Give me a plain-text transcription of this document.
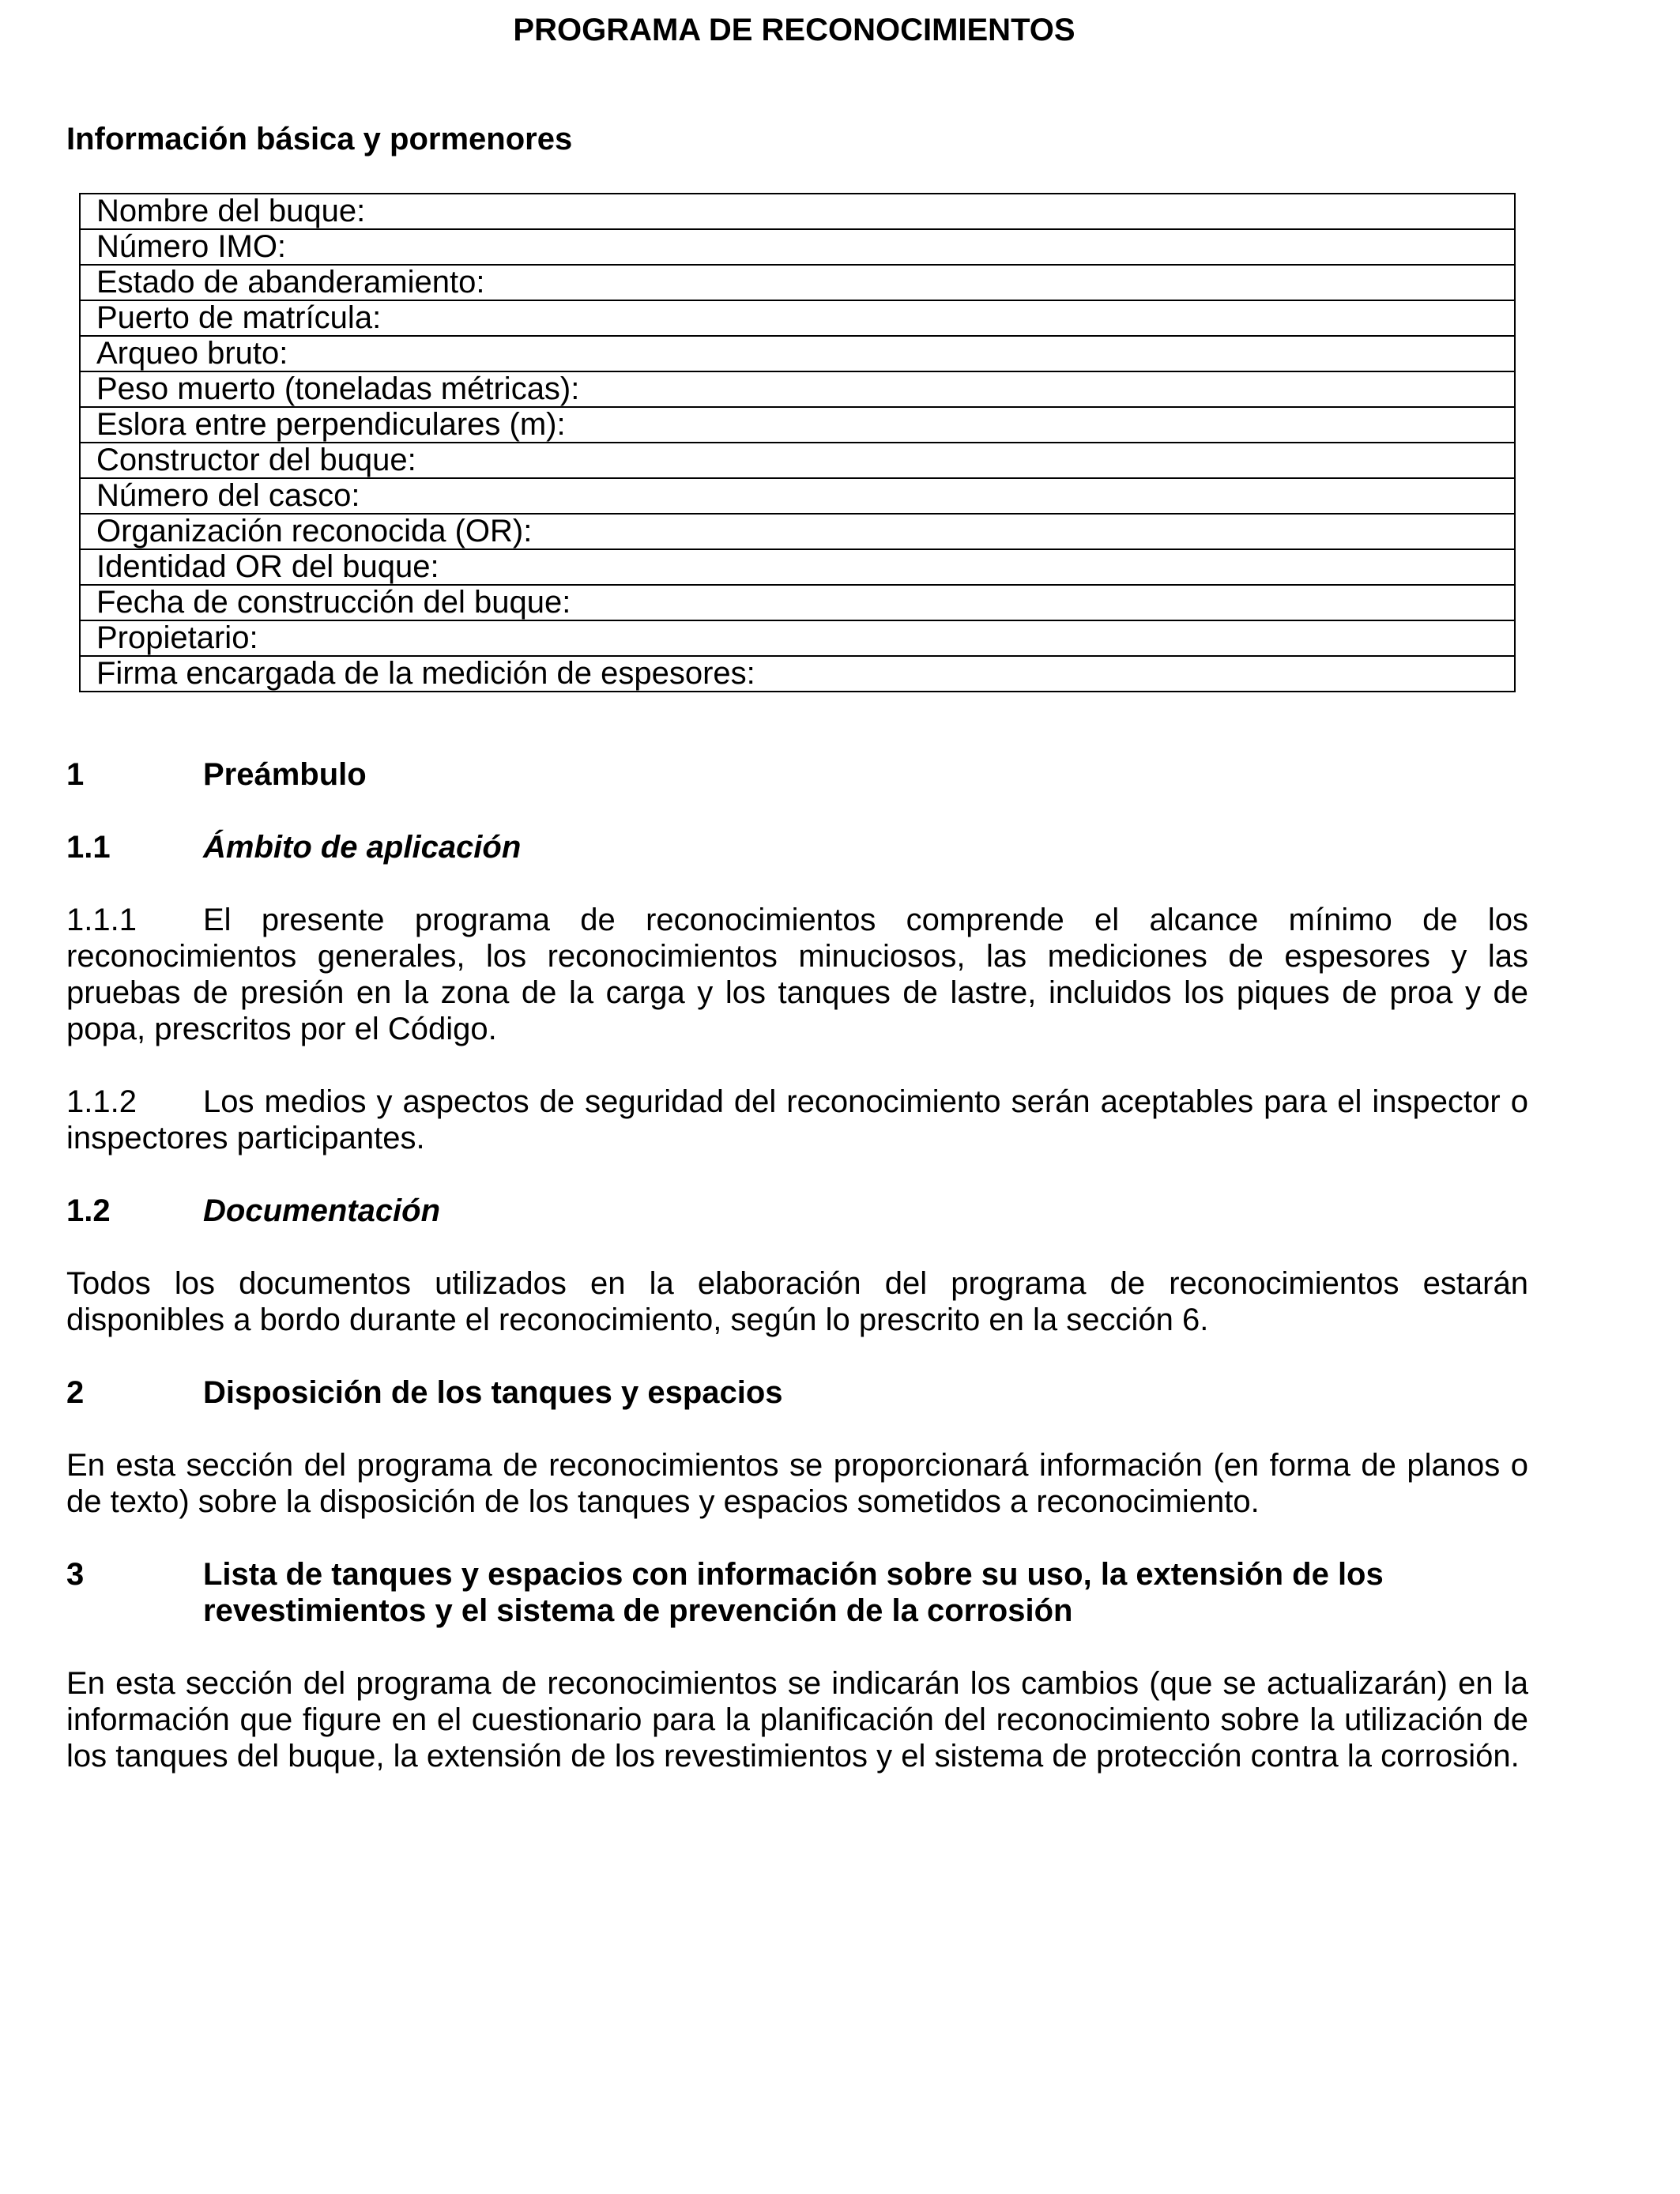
PROGRAMA DE RECONOCIMIENTOS
Información básica y pormenores
Nombre del buque:
Número IMO:
Estado de abanderamiento:
Puerto de matrícula:
Arqueo bruto:
Peso muerto (toneladas métricas):
Eslora entre perpendiculares (m):
Constructor del buque:
Número del casco:
Organización reconocida (OR):
Identidad OR del buque:
Fecha de construcción del buque:
Propietario:
Firma encargada de la medición de espesores:
1	Preámbulo
1.1	Ámbito de aplicación

1.1.1 El presente programa de reconocimientos comprende el alcance mínimo de los reconocimientos generales, los reconocimientos minuciosos, las mediciones de espesores y las pruebas de presión en la zona de la carga y los tanques de lastre, incluidos los piques de proa y de popa, prescritos por el Código.

1.1.2 Los medios y aspectos de seguridad del reconocimiento serán aceptables para el inspector o inspectores participantes.

1.2	Documentación

Todos los documentos utilizados en la elaboración del programa de reconocimientos estarán disponibles a bordo durante el reconocimiento, según lo prescrito en la sección 6.

2	Disposición de los tanques y espacios

En esta sección del programa de reconocimientos se proporcionará información (en forma de planos o de texto) sobre la disposición de los tanques y espacios sometidos a reconocimiento.

3	Lista de tanques y espacios con información sobre su uso, la extensión de los revestimientos y el sistema de prevención de la corrosión

En esta sección del programa de reconocimientos se indicarán los cambios (que se actualizarán) en la información que figure en el cuestionario para la planificación del reconocimiento sobre la utilización de los tanques del buque, la extensión de los revestimientos y el sistema de protección contra la corrosión.
